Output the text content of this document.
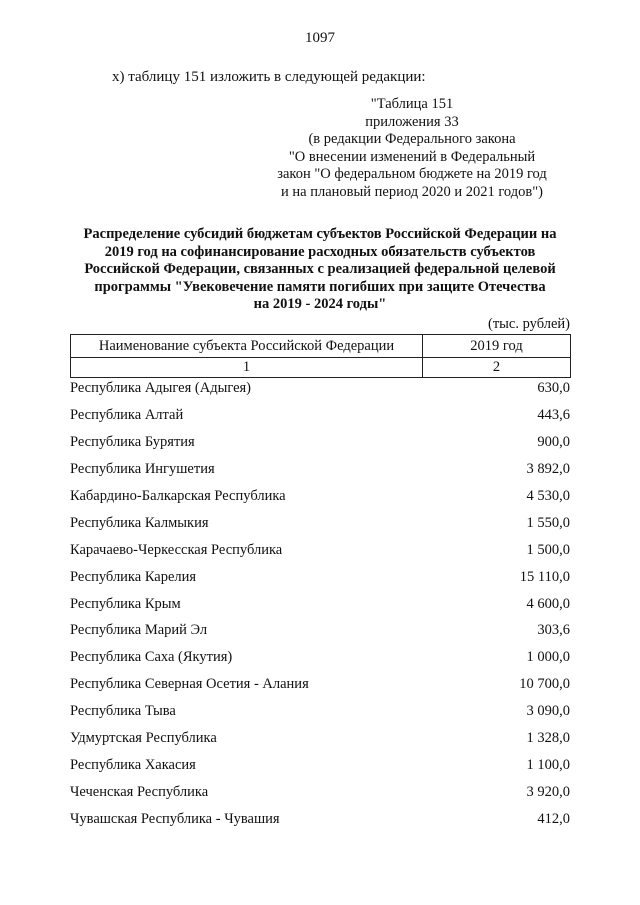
1097
х) таблицу 151 изложить в следующей редакции:
"Таблица 151
приложения 33
(в редакции Федерального закона
"О внесении изменений в Федеральный
закон "О федеральном бюджете на 2019 год
и на плановый период 2020 и 2021 годов")
Распределение субсидий бюджетам субъектов Российской Федерации на
2019 год на софинансирование расходных обязательств субъектов
Российской Федерации, связанных с реализацией федеральной целевой
программы "Увековечение памяти погибших при защите Отечества
на 2019 - 2024 годы"
(тыс. рублей)
Наименование субъекта Российской Федерации	2019 год
1	2
Республика Адыгея (Адыгея)	630,0
Республика Алтай	443,6
Республика Бурятия	900,0
Республика Ингушетия	3 892,0
Кабардино-Балкарская Республика	4 530,0
Республика Калмыкия	1 550,0
Карачаево-Черкесская Республика	1 500,0
Республика Карелия	15 110,0
Республика Крым	4 600,0
Республика Марий Эл	303,6
Республика Саха (Якутия)	1 000,0
Республика Северная Осетия - Алания	10 700,0
Республика Тыва	3 090,0
Удмуртская Республика	1 328,0
Республика Хакасия	1 100,0
Чеченская Республика	3 920,0
Чувашская Республика - Чувашия	412,0
